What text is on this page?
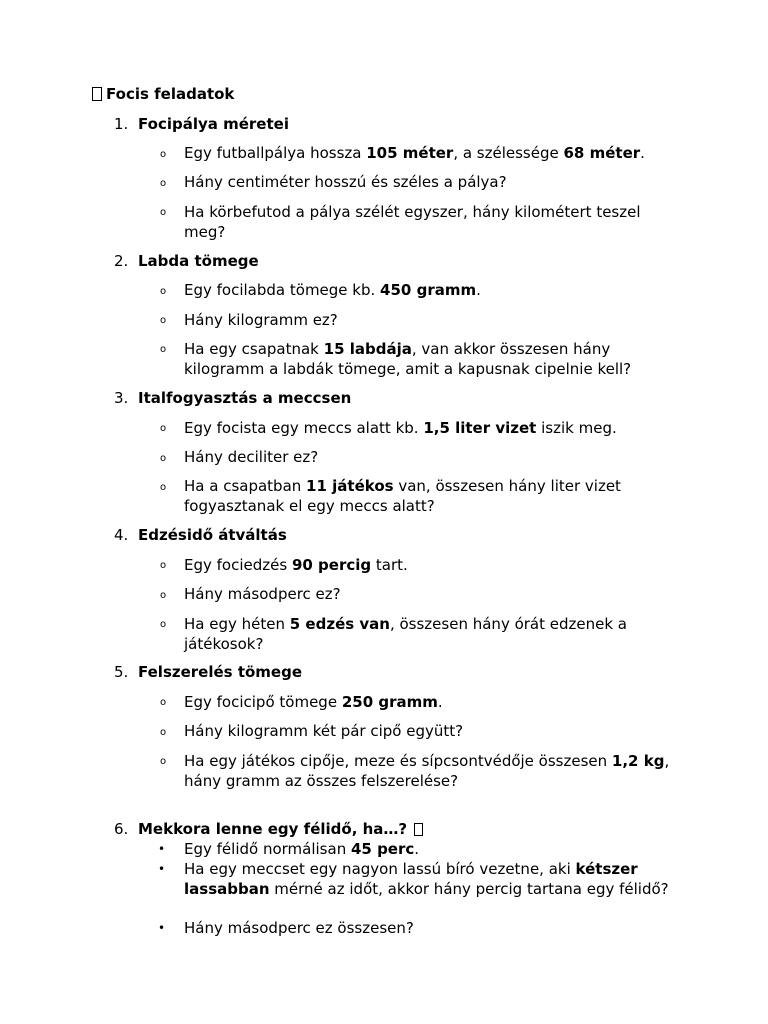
Focis feladatok
1. Focipálya méretei
o Egy futballpálya hossza 105 méter, a szélessége 68 méter.
o Hány centiméter hosszú és széles a pálya?
o Ha körbefutod a pálya szélét egyszer, hány kilométert teszel meg?
2. Labda tömege
o Egy focilabda tömege kb. 450 gramm.
o Hány kilogramm ez?
o Ha egy csapatnak 15 labdája, van akkor összesen hány kilogramm a labdák tömege, amit a kapusnak cipelnie kell?
3. Italfogyasztás a meccsen
o Egy focista egy meccs alatt kb. 1,5 liter vizet iszik meg.
o Hány deciliter ez?
o Ha a csapatban 11 játékos van, összesen hány liter vizet fogyasztanak el egy meccs alatt?
4. Edzésidő átváltás
o Egy fociedzés 90 percig tart.
o Hány másodperc ez?
o Ha egy héten 5 edzés van, összesen hány órát edzenek a játékosok?
5. Felszerelés tömege
o Egy focicipő tömege 250 gramm.
o Hány kilogramm két pár cipő együtt?
o Ha egy játékos cipője, meze és sípcsontvédője összesen 1,2 kg, hány gramm az összes felszerelése?
6. Mekkora lenne egy félidő, ha…?
• Egy félidő normálisan 45 perc.
• Ha egy meccset egy nagyon lassú bíró vezetne, aki kétszer lassabban mérné az időt, akkor hány percig tartana egy félidő?
• Hány másodperc ez összesen?
